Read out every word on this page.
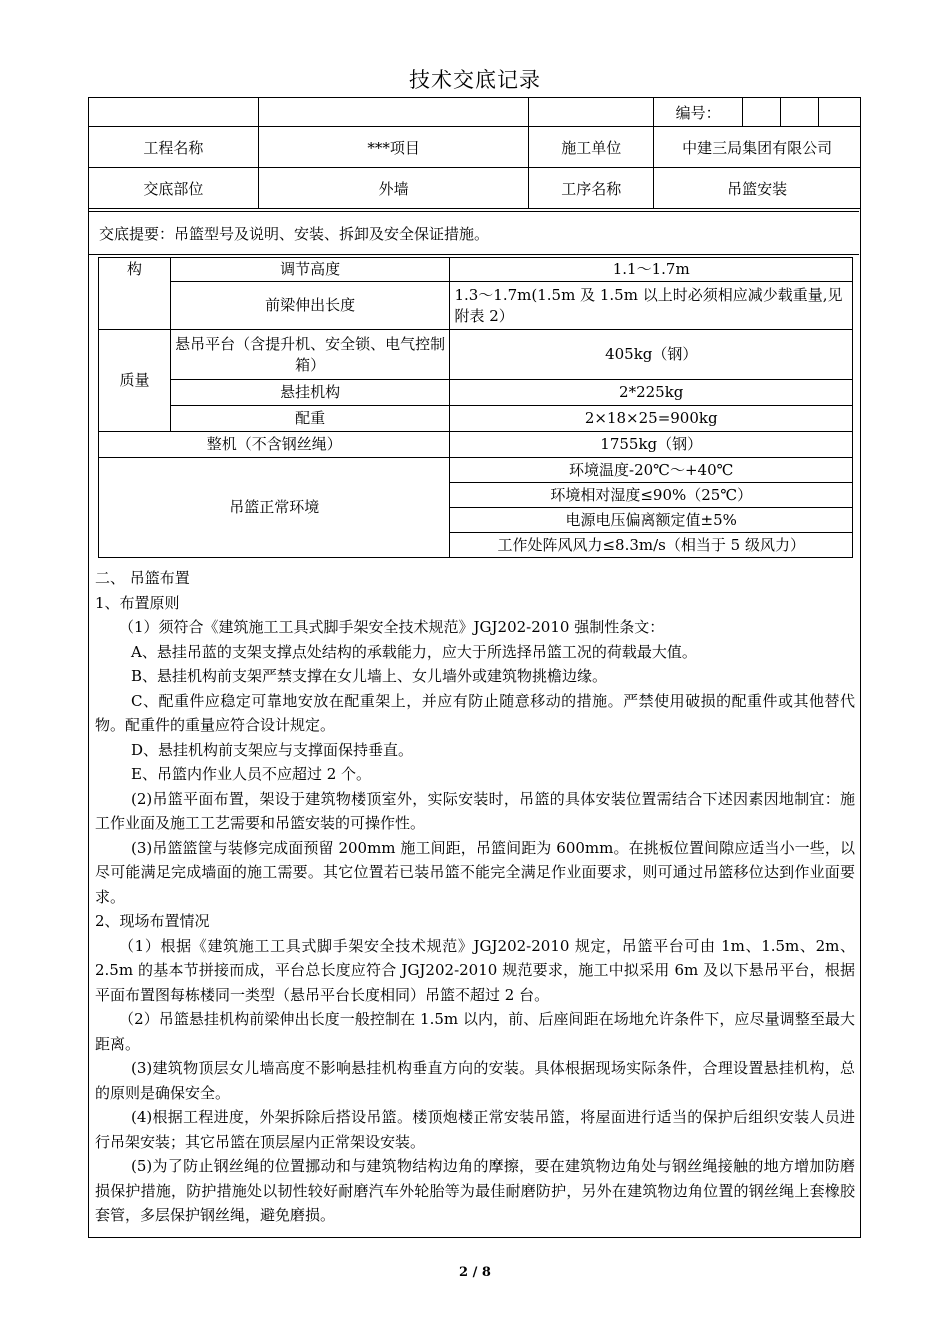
技术交底记录
			编号：			
工程名称	***项目	施工单位	中建三局集团有限公司			
交底部位	外墙	工序名称	吊篮安装			
交底提要：吊篮型号及说明、安装、拆卸及安全保证措施。
构	调节高度	1.1～1.7m
	前梁伸出长度	1.3～1.7m(1.5m 及 1.5m 以上时必须相应减少载重量,见附表 2）
质量	悬吊平台（含提升机、安全锁、电气控制箱）	405kg（钢）
	悬挂机构	2*225kg
	配重	2×18×25=900kg
整机（不含钢丝绳）		1755kg（钢）
吊篮正常环境		环境温度-20℃～+40℃
		环境相对湿度≤90%（25℃）
		电源电压偏离额定值±5%
		工作处阵风风力≤8.3m/s（相当于 5 级风力）

二、 吊篮布置

1、布置原则

（1）须符合《建筑施工工具式脚手架安全技术规范》JGJ202-2010 强制性条文：

A、悬挂吊蓝的支架支撑点处结构的承载能力，应大于所选择吊篮工况的荷载最大值。

B、悬挂机构前支架严禁支撑在女儿墙上、女儿墙外或建筑物挑檐边缘。

C、配重件应稳定可靠地安放在配重架上，并应有防止随意移动的措施。严禁使用破损的配重件或其他替代物。配重件的重量应符合设计规定。

D、悬挂机构前支架应与支撑面保持垂直。

E、吊篮内作业人员不应超过 2 个。

(2)吊篮平面布置，架设于建筑物楼顶室外，实际安装时，吊篮的具体安装位置需结合下述因素因地制宜：施工作业面及施工工艺需要和吊篮安装的可操作性。

(3)吊篮篮筐与装修完成面预留 200mm 施工间距，吊篮间距为 600mm。在挑板位置间隙应适当小一些，以尽可能满足完成墙面的施工需要。其它位置若已装吊篮不能完全满足作业面要求，则可通过吊篮移位达到作业面要求。

2、现场布置情况

（1）根据《建筑施工工具式脚手架安全技术规范》JGJ202-2010 规定，吊篮平台可由 1m、1.5m、2m、2.5m 的基本节拼接而成，平台总长度应符合 JGJ202-2010 规范要求，施工中拟采用 6m 及以下悬吊平台，根据平面布置图每栋楼同一类型（悬吊平台长度相同）吊篮不超过 2 台。

（2）吊篮悬挂机构前梁伸出长度一般控制在 1.5m 以内，前、后座间距在场地允许条件下，应尽量调整至最大距离。

(3)建筑物顶层女儿墙高度不影响悬挂机构垂直方向的安装。具体根据现场实际条件，合理设置悬挂机构，总的原则是确保安全。

(4)根据工程进度，外架拆除后搭设吊篮。楼顶炮楼正常安装吊篮，将屋面进行适当的保护后组织安装人员进行吊架安装；其它吊篮在顶层屋内正常架设安装。

(5)为了防止钢丝绳的位置挪动和与建筑物结构边角的摩擦，要在建筑物边角处与钢丝绳接触的地方增加防磨损保护措施，防护措施处以韧性较好耐磨汽车外轮胎等为最佳耐磨防护，另外在建筑物边角位置的钢丝绳上套橡胶套管，多层保护钢丝绳，避免磨损。

2 / 8
